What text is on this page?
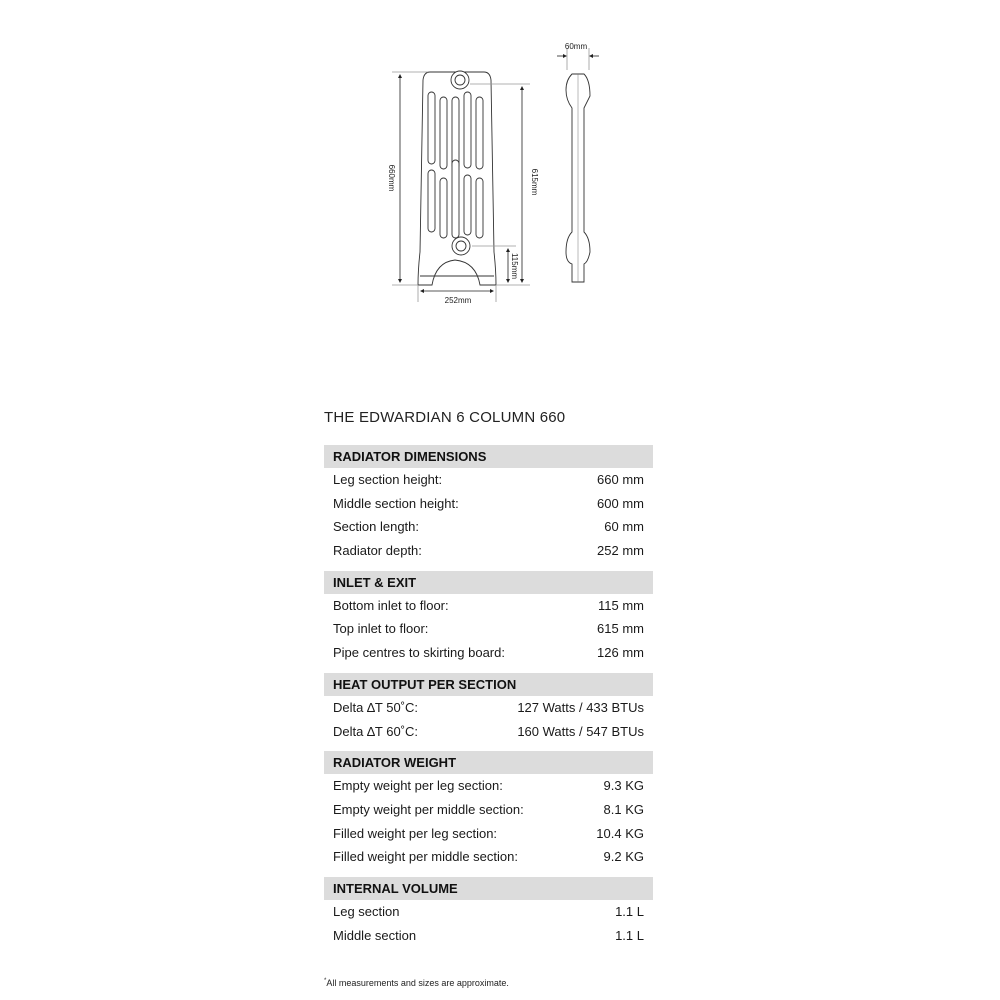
660mm	615mm
115mm
252mm
60mm
THE EDWARDIAN 6 COLUMN 660
RADIATOR DIMENSIONS
Leg section height:	660 mm
Middle section height:	600 mm
Section length:	60 mm
Radiator depth:	252 mm
INLET & EXIT
Bottom inlet to floor:	115 mm
Top inlet to floor:	615 mm
Pipe centres to skirting board:	126 mm
HEAT OUTPUT PER SECTION
Delta ∆T 50˚C:	127 Watts / 433 BTUs
Delta ∆T 60˚C:	160 Watts / 547 BTUs
RADIATOR WEIGHT
Empty weight per leg section:	9.3 KG
Empty weight per middle section:	8.1 KG
Filled weight per leg section:	10.4 KG
Filled weight per middle section:	9.2 KG
INTERNAL VOLUME
Leg section	1.1 L
Middle section	1.1 L
*All measurements and sizes are approximate.
